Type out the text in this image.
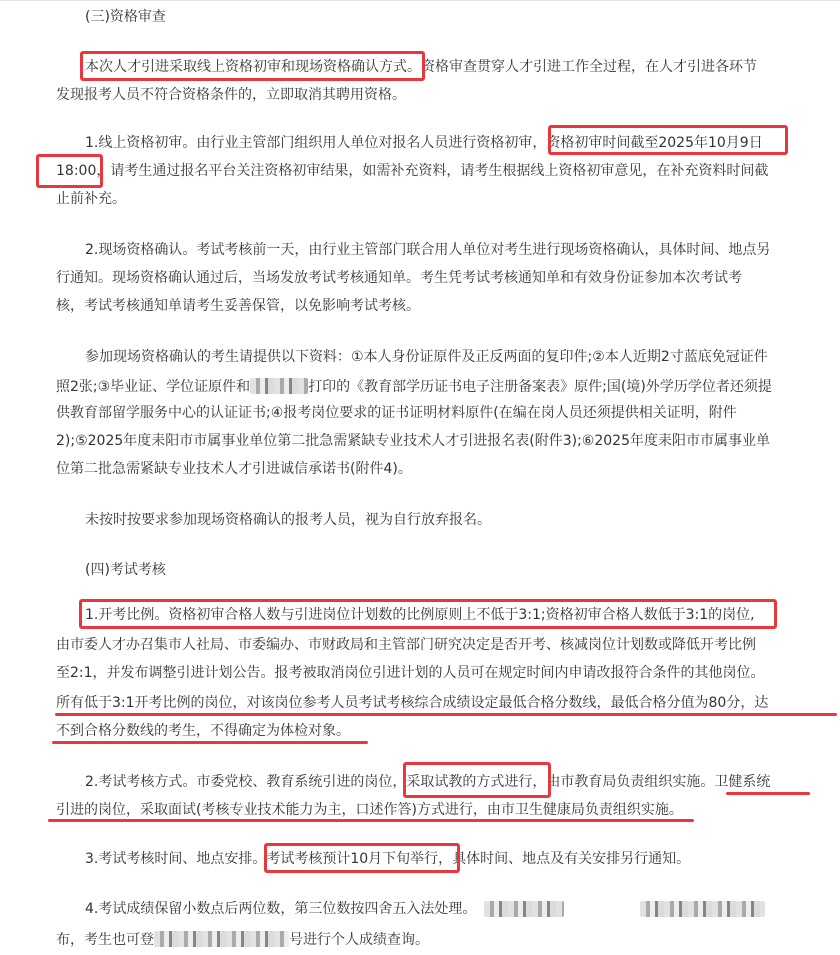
(三)资格审查
本次人才引进采取线上资格初审和现场资格确认方式。资格审查贯穿人才引进工作全过程，在人才引进各环节
发现报考人员不符合资格条件的，立即取消其聘用资格。
1.线上资格初审。由行业主管部门组织用人单位对报名人员进行资格初审，资格初审时间截至2025年10月9日
18:00，请考生通过报名平台关注资格初审结果，如需补充资料，请考生根据线上资格初审意见，在补充资料时间截
止前补充。
2.现场资格确认。考试考核前一天，由行业主管部门联合用人单位对考生进行现场资格确认，具体时间、地点另
行通知。现场资格确认通过后，当场发放考试考核通知单。考生凭考试考核通知单和有效身份证参加本次考试考
核，考试考核通知单请考生妥善保管，以免影响考试考核。
参加现场资格确认的考生请提供以下资料：①本人身份证原件及正反两面的复印件;②本人近期2寸蓝底免冠证件
照2张;③毕业证、学位证原件和	打印的《教育部学历证书电子注册备案表》原件;国(境)外学历学位者还须提
供教育部留学服务中心的认证证书;④报考岗位要求的证书证明材料原件(在编在岗人员还须提供相关证明，附件
2);⑤2025年度耒阳市市属事业单位第二批急需紧缺专业技术人才引进报名表(附件3);⑥2025年度耒阳市市属事业单
位第二批急需紧缺专业技术人才引进诚信承诺书(附件4)。
未按时按要求参加现场资格确认的报考人员，视为自行放弃报名。
(四)考试考核
1.开考比例。资格初审合格人数与引进岗位计划数的比例原则上不低于3:1;资格初审合格人数低于3:1的岗位,
由市委人才办召集市人社局、市委编办、市财政局和主管部门研究决定是否开考、核减岗位计划数或降低开考比例
至2:1，并发布调整引进计划公告。报考被取消岗位引进计划的人员可在规定时间内申请改报符合条件的其他岗位。
所有低于3:1开考比例的岗位，对该岗位参考人员考试考核综合成绩设定最低合格分数线，最低合格分值为80分，达
不到合格分数线的考生，不得确定为体检对象。
2.考试考核方式。市委党校、教育系统引进的岗位，采取试教的方式进行，由市教育局负责组织实施。卫健系统
引进的岗位，采取面试(考核专业技术能力为主，口述作答)方式进行，由市卫生健康局负责组织实施。
3.考试考核时间、地点安排。考试考核预计10月下旬举行，具体时间、地点及有关安排另行通知。
4.考试成绩保留小数点后两位数，第三位数按四舍五入法处理。
布，考生也可登	号进行个人成绩查询。
